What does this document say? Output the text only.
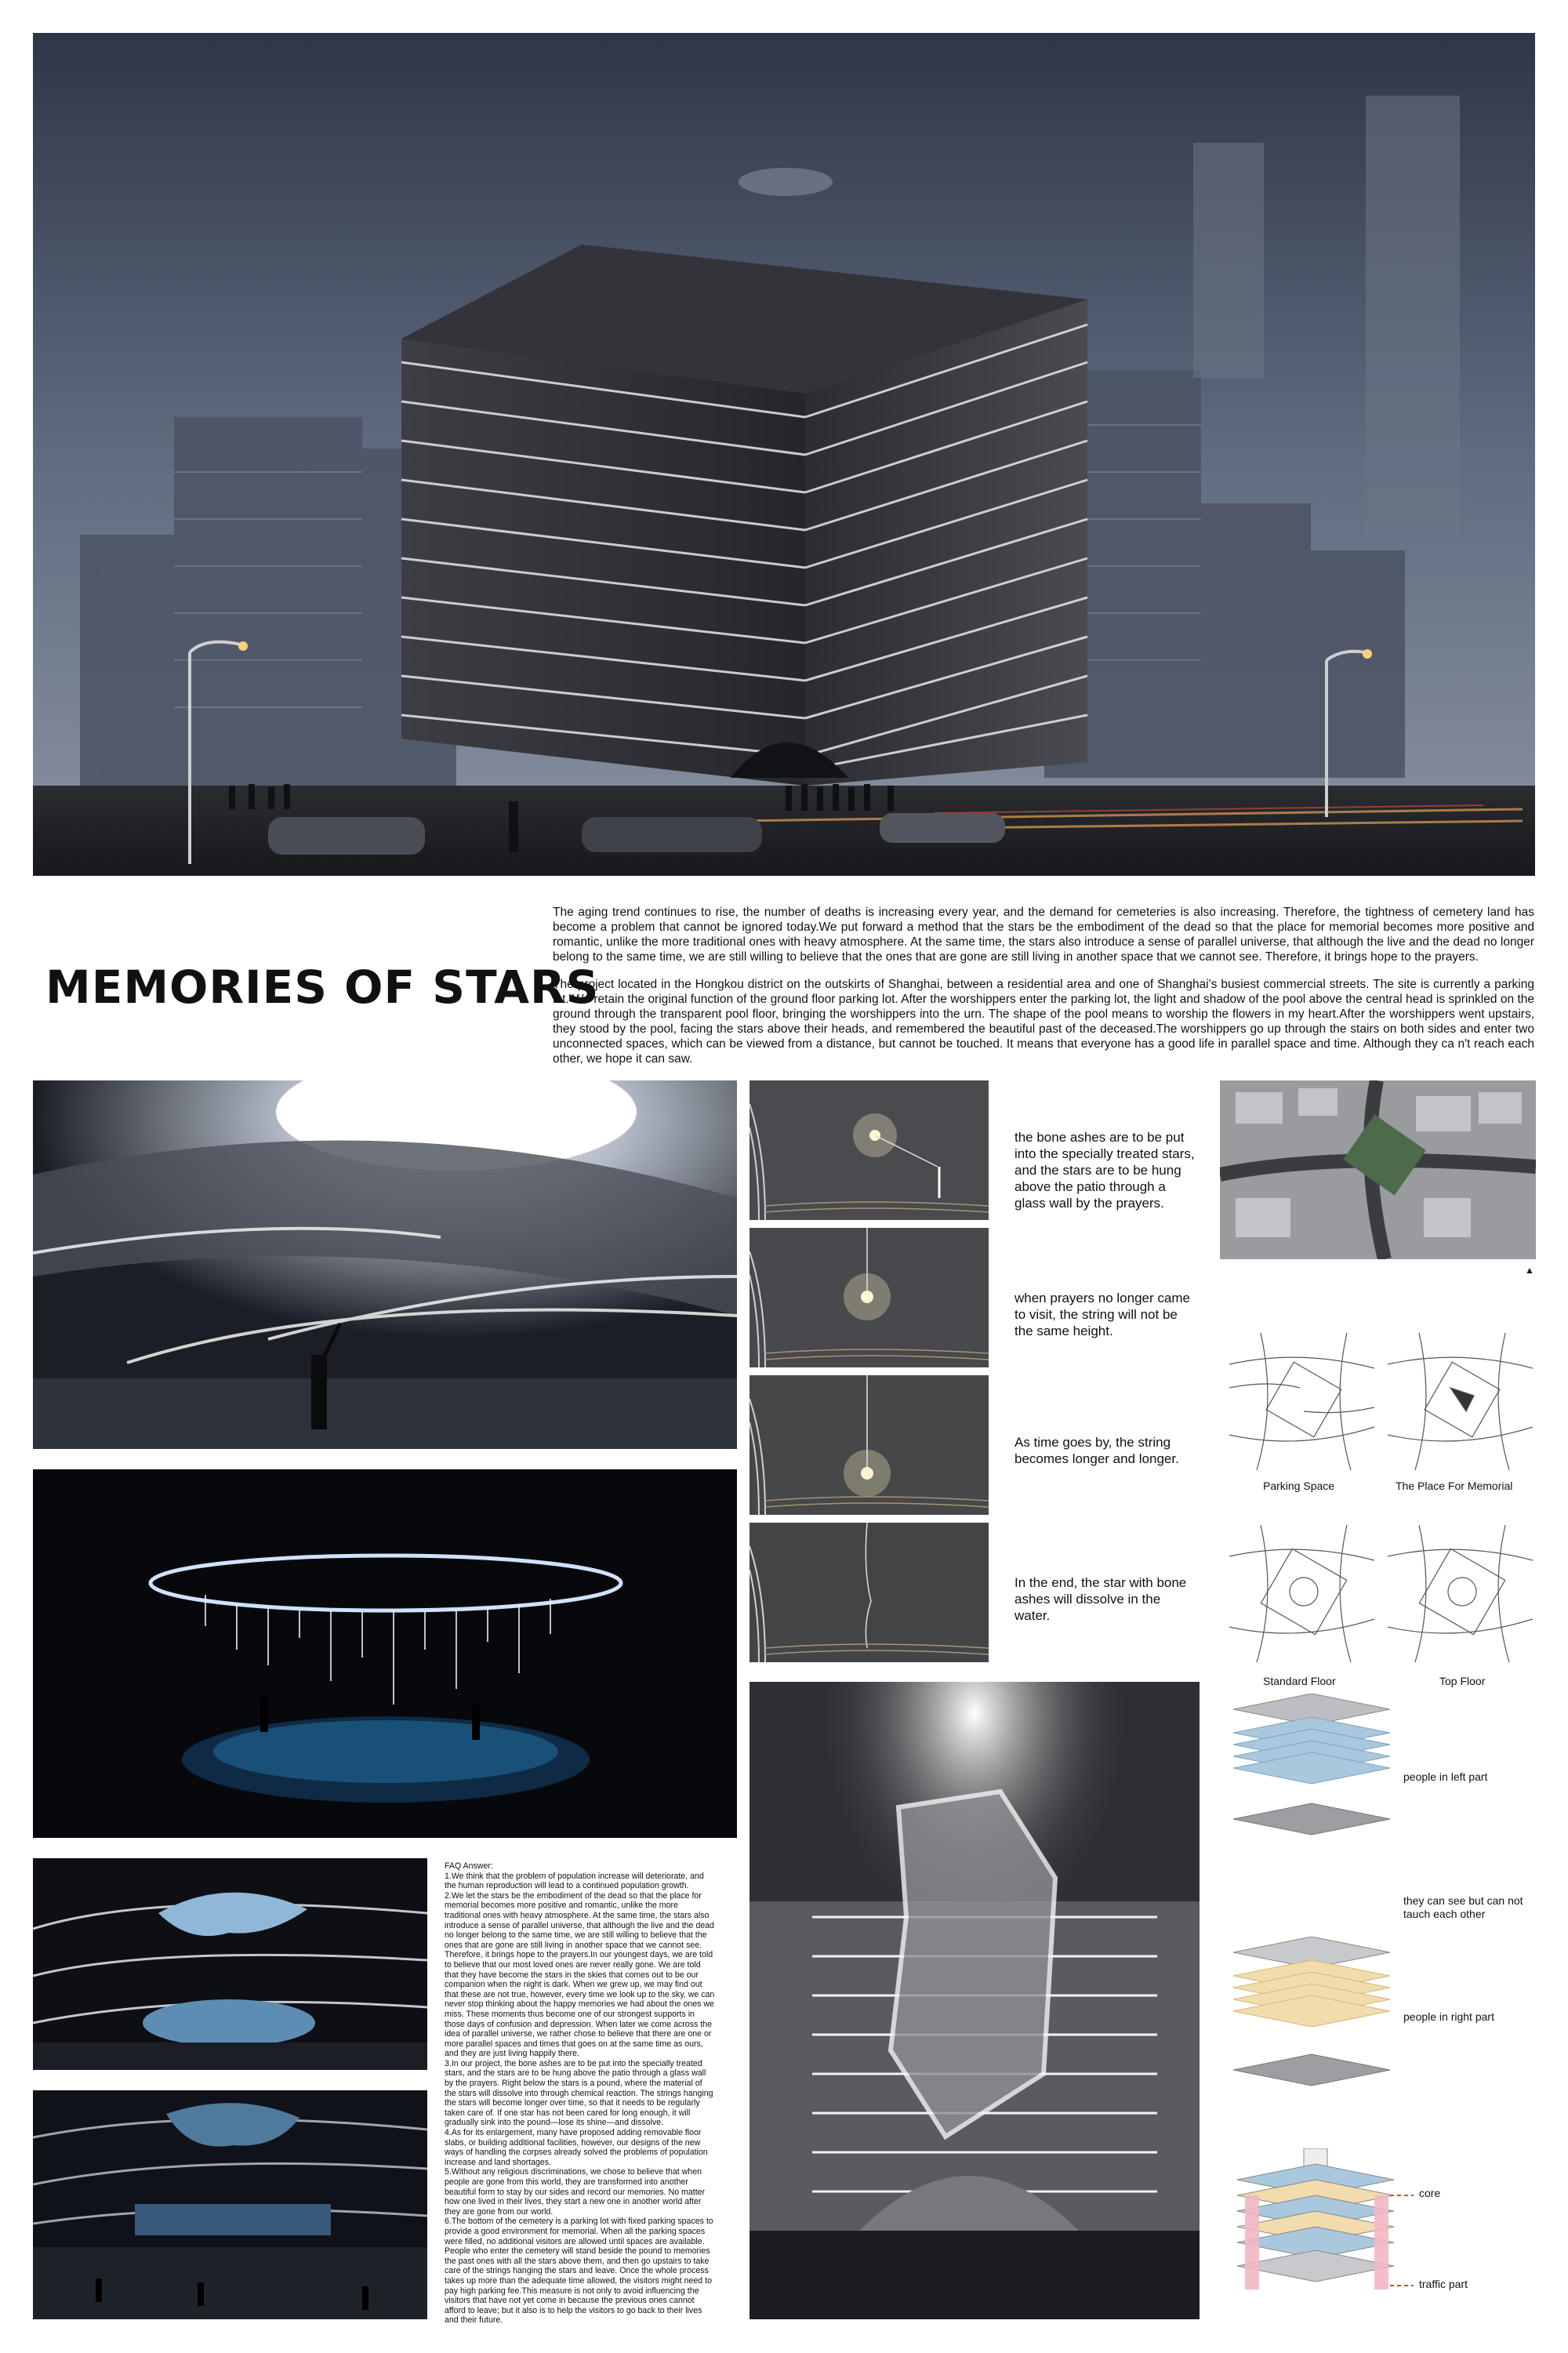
MEMORIES OF STARS
The aging trend continues to rise, the number of deaths is increasing every year, and the demand for cemeteries is also increasing. Therefore, the tightness of cemetery land has become a problem that cannot be ignored today.We put forward a method that the stars be the embodiment of the dead so that the place for memorial becomes more positive and romantic, unlike the more traditional ones with heavy atmosphere. At the same time, the stars also introduce a sense of parallel universe, that although the live and the dead no longer belong to the same time, we are still willing to believe that the ones that are gone are still living in another space that we cannot see. Therefore, it brings hope to the prayers.
The project located in the Hongkou district on the outskirts of Shanghai, between a residential area and one of Shanghai's busiest commercial streets. The site is currently a parking lot. We retain the original function of the ground floor parking lot. After the worshippers enter the parking lot, the light and shadow of the pool above the central head is sprinkled on the ground through the transparent pool floor, bringing the worshippers into the urn. The shape of the pool means to worship the flowers in my heart.After the worshippers went upstairs, they stood by the pool, facing the stars above their heads, and remembered the beautiful past of the deceased.The worshippers go up through the stairs on both sides and enter two unconnected spaces, which can be viewed from a distance, but cannot be touched. It means that everyone has a good life in parallel space and time. Although they ca n't reach each other, we hope it can saw.
FAQ Answer:
1.We think that the problem of population increase will deteriorate, and the human reproduction will lead to a continued population growth.
2.We let the stars be the embodiment of the dead so that the place for memorial becomes more positive and romantic, unlike the more traditional ones with heavy atmosphere. At the same time, the stars also introduce a sense of parallel universe, that although the live and the dead no longer belong to the same time, we are still willing to believe that the ones that are gone are still living in another space that we cannot see. Therefore, it brings hope to the prayers.In our youngest days, we are told to believe that our most loved ones are never really gone. We are told that they have become the stars in the skies that comes out to be our companion when the night is dark. When we grew up, we may find out that these are not true, however, every time we look up to the sky, we can never stop thinking about the happy memories we had about the ones we miss. These moments thus become one of our strongest supports in those days of confusion and depression. When later we come across the idea of parallel universe, we rather chose to believe that there are one or more parallel spaces and times that goes on at the same time as ours, and they are just living happily there.
3.In our project, the bone ashes are to be put into the specially treated stars, and the stars are to be hung above the patio through a glass wall by the prayers. Right below the stars is a pound, where the material of the stars will dissolve into through chemical reaction. The strings hanging the stars will become longer over time, so that it needs to be regularly taken care of. If one star has not been cared for long enough, it will gradually sink into the pound—lose its shine—and dissolve.
4.As for its enlargement, many have proposed adding removable floor slabs, or building additional facilities, however, our designs of the new ways of handling the corpses already solved the problems of population increase and land shortages.
5.Without any religious discriminations, we chose to believe that when people are gone from this world, they are transformed into another beautiful form to stay by our sides and record our memories. No matter how one lived in their lives, they start a new one in another world after they are gone from our world.
6.The bottom of the cemetery is a parking lot with fixed parking spaces to provide a good environment for memorial. When all the parking spaces were filled, no additional visitors are allowed until spaces are available. People who enter the cemetery will stand beside the pound to memories the past ones with all the stars above them, and then go upstairs to take care of the strings hanging the stars and leave. Once the whole process takes up more than the adequate time allowed, the visitors might need to pay high parking fee.This measure is not only to avoid influencing the visitors that have not yet come in because the previous ones cannot afford to leave; but it also is to help the visitors to go back to their lives and their future.
the bone ashes are to be put into the specially treated stars, and the stars are to be hung above the patio through a glass wall by the prayers.
when prayers no longer came to visit, the string will not be the same height.
As time goes by, the string becomes longer and longer.
In the end, the star with bone ashes will dissolve in the water.
▲
Parking Space	The Place For Memorial
Standard Floor	Top Floor
people in left part
they can see but can not tauch each other
people in right part
core
traffic part
